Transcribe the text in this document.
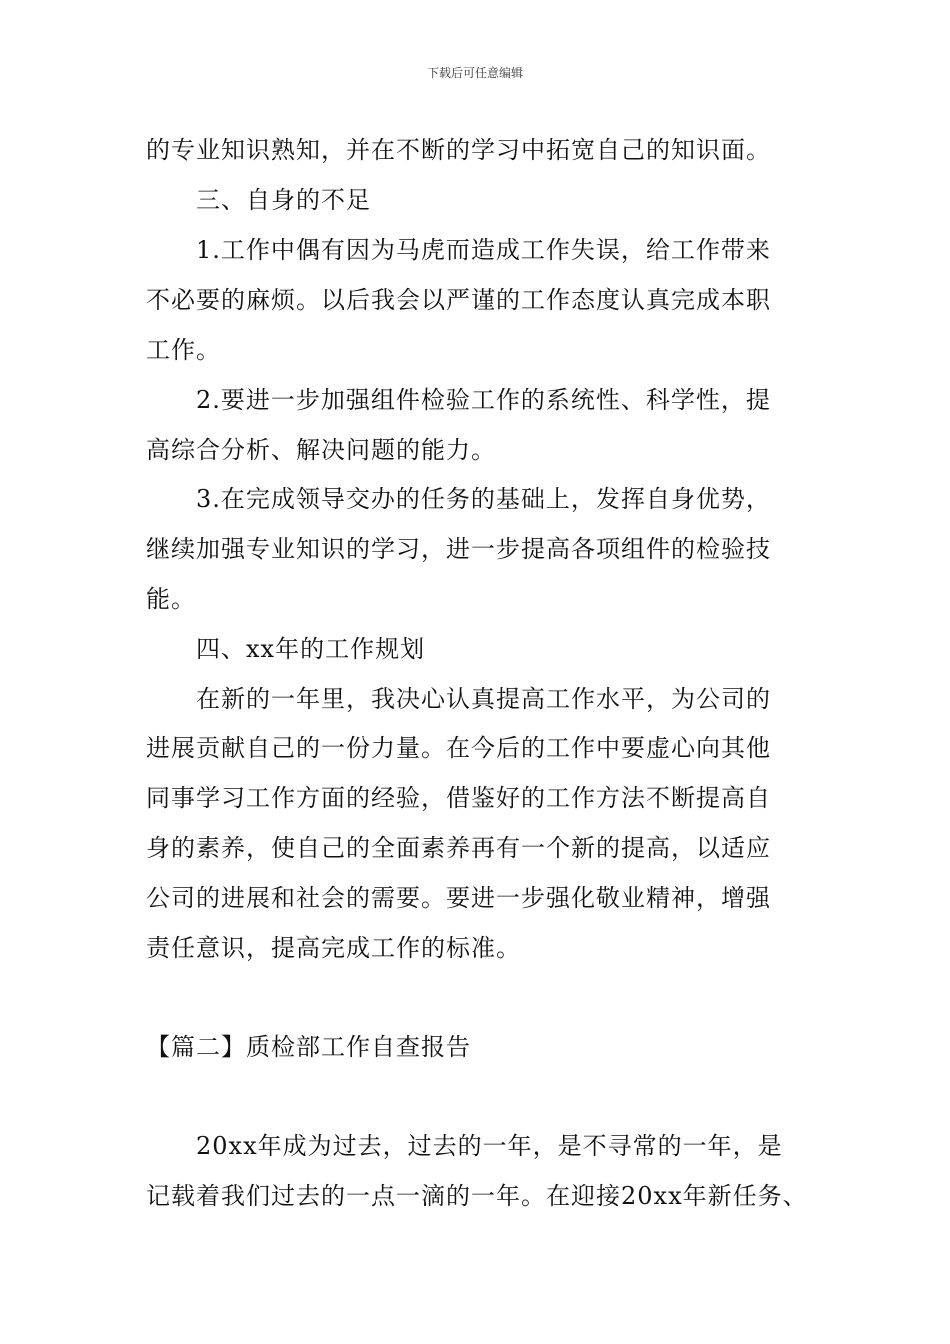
下载后可任意编辑
的专业知识熟知，并在不断的学习中拓宽自己的知识面。
三、自身的不足
1.工作中偶有因为马虎而造成工作失误，给工作带来
不必要的麻烦。以后我会以严谨的工作态度认真完成本职
工作。
2.要进一步加强组件检验工作的系统性、科学性，提
高综合分析、解决问题的能力。
3.在完成领导交办的任务的基础上，发挥自身优势，
继续加强专业知识的学习，进一步提高各项组件的检验技
能。
四、xx年的工作规划
在新的一年里，我决心认真提高工作水平，为公司的
进展贡献自己的一份力量。在今后的工作中要虚心向其他
同事学习工作方面的经验，借鉴好的工作方法不断提高自
身的素养，使自己的全面素养再有一个新的提高，以适应
公司的进展和社会的需要。要进一步强化敬业精神，增强
责任意识，提高完成工作的标准。
【篇二】质检部工作自查报告
20xx年成为过去，过去的一年，是不寻常的一年，是
记载着我们过去的一点一滴的一年。在迎接20xx年新任务、
